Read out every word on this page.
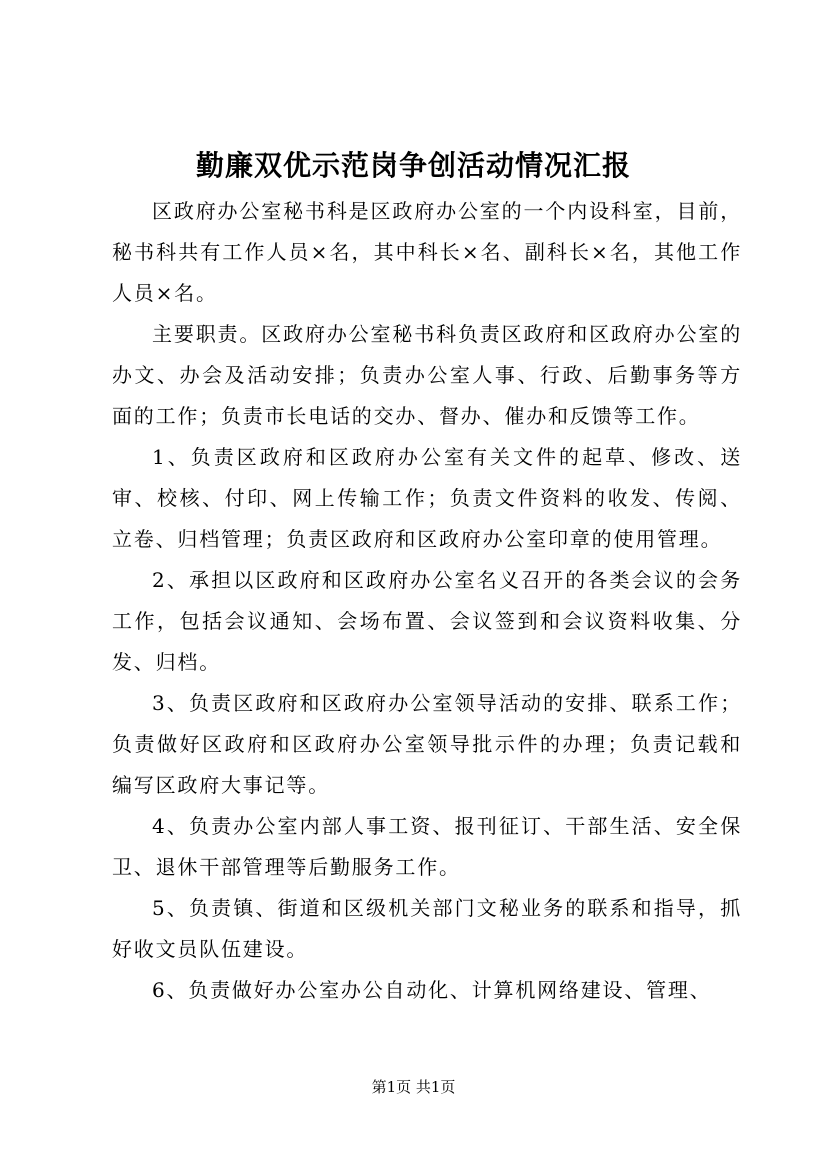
勤廉双优示范岗争创活动情况汇报

区政府办公室秘书科是区政府办公室的一个内设科室，目前，秘书科共有工作人员×名，其中科长×名、副科长×名，其他工作人员×名。

主要职责。区政府办公室秘书科负责区政府和区政府办公室的办文、办会及活动安排；负责办公室人事、行政、后勤事务等方面的工作；负责市长电话的交办、督办、催办和反馈等工作。

1、负责区政府和区政府办公室有关文件的起草、修改、送审、校核、付印、网上传输工作；负责文件资料的收发、传阅、立卷、归档管理；负责区政府和区政府办公室印章的使用管理。

2、承担以区政府和区政府办公室名义召开的各类会议的会务工作，包括会议通知、会场布置、会议签到和会议资料收集、分发、归档。

3、负责区政府和区政府办公室领导活动的安排、联系工作；负责做好区政府和区政府办公室领导批示件的办理；负责记载和编写区政府大事记等。

4、负责办公室内部人事工资、报刊征订、干部生活、安全保卫、退休干部管理等后勤服务工作。

5、负责镇、街道和区级机关部门文秘业务的联系和指导，抓好收文员队伍建设。

6、负责做好办公室办公自动化、计算机网络建设、管理、

第1页 共1页
